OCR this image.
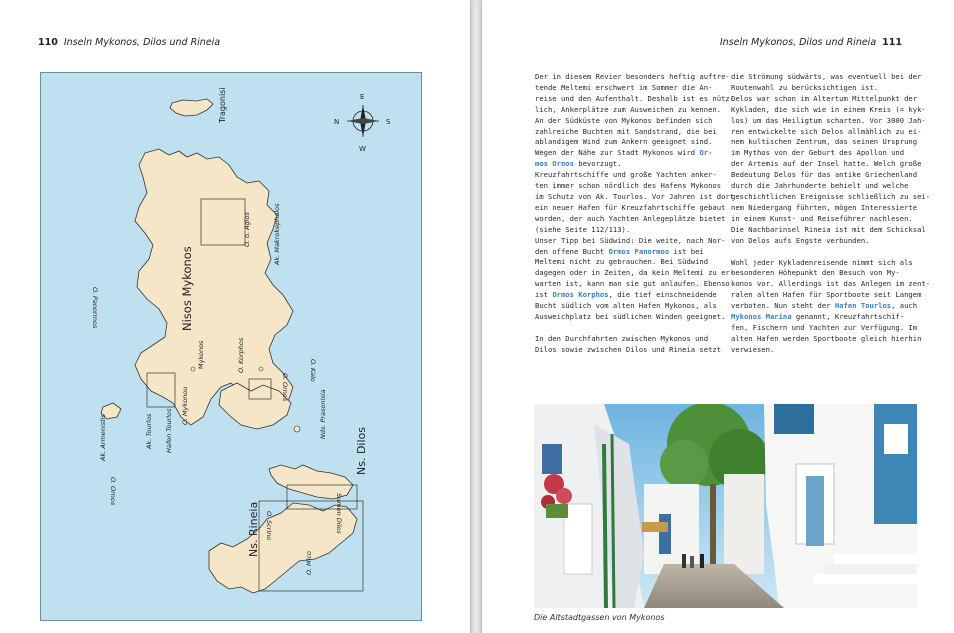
110 Inseln Mykonos, Dilos und Rineia
Tragonisi
Nisos Mykonos
Ns. Dilos
Ns. Rineia
O. Panormos
O. o. Agios	Ak. Makrokephalos
Mykonos	O. Korphos
O. Mykonou
Hafen Tourlos
Ak. Tourlos
Ak. Armenistis
O. Ornos
O. Kalo
Nds. Prasonisia
O. Ornos
O. Scrino
O. Mico
Sumen Dilos
N
E
S
W
Inseln Mykonos, Dilos und Rineia 111

Der in diesem Revier besonders heftig auftre-

tende Meltemi erschwert im Sommer die An-

reise und den Aufenthalt. Deshalb ist es nütz-

lich, Ankerplätze zum Ausweichen zu kennen.

An der Südküste von Mykonos befinden sich

zahlreiche Buchten mit Sandstrand, die bei

ablandigem Wind zum Ankern geeignet sind.

Wegen der Nähe zur Stadt Mykonos wird Or-

mos Ornos bevorzugt.

Kreuzfahrtschiffe und große Yachten anker-

ten immer schon nördlich des Hafens Mykonos

im Schutz von Ak. Tourlos. Vor Jahren ist dort

ein neuer Hafen für Kreuzfahrtschiffe gebaut

worden, der auch Yachten Anlegeplätze bietet

(siehe Seite 112/113).

Unser Tipp bei Südwind: Die weite, nach Nor-

den offene Bucht Ormos Panormos ist bei

Meltemi nicht zu gebrauchen. Bei Südwind

dagegen oder in Zeiten, da kein Meltemi zu er-

warten ist, kann man sie gut anlaufen. Ebenso

ist Ormos Korphos, die tief einschneidende

Bucht südlich vom alten Hafen Mykonos, als

Ausweichplatz bei südlichen Winden geeignet.

In den Durchfahrten zwischen Mykonos und

Dilos sowie zwischen Dilos und Rineia setzt

die Strömung südwärts, was eventuell bei der

Routenwahl zu berücksichtigen ist.

Delos war schon im Altertum Mittelpunkt der

Kykladen, die sich wie in einem Kreis (= kyk-

los) um das Heiligtum scharten. Vor 3000 Jah-

ren entwickelte sich Delos allmählich zu ei-

nem kultischen Zentrum, das seinen Ursprung

im Mythos von der Geburt des Apollon und

der Artemis auf der Insel hatte. Welch große

Bedeutung Delos für das antike Griechenland

durch die Jahrhunderte behielt und welche

geschichtlichen Ereignisse schließlich zu sei-

nem Niedergang führten, mögen Interessierte

in einem Kunst- und Reiseführer nachlesen.

Die Nachbarinsel Rineia ist mit dem Schicksal

von Delos aufs Engste verbunden.

Wohl jeder Kykladenreisende nimmt sich als

besonderen Höhepunkt den Besuch von My-

konos vor. Allerdings ist das Anlegen im zent-

ralen alten Hafen für Sportboote seit Langem

verboten. Nun steht der Hafen Tourlos, auch

Mykonos Marina genannt, Kreuzfahrtschif-

fen, Fischern und Yachten zur Verfügung. Im

alten Hafen werden Sportboote gleich hierhin

verwiesen.

Die Altstadtgassen von Mykonos
